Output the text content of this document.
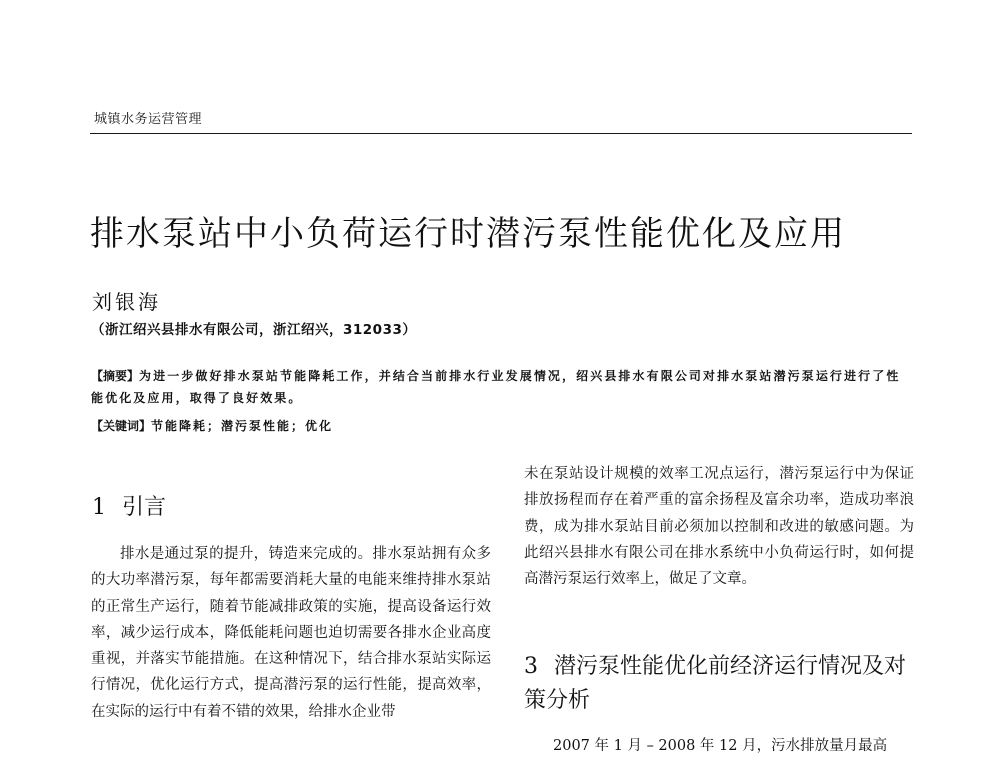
城镇水务运营管理
排水泵站中小负荷运行时潜污泵性能优化及应用
刘银海
（浙江绍兴县排水有限公司，浙江绍兴，312033）
【摘要】为进一步做好排水泵站节能降耗工作，并结合当前排水行业发展情况，绍兴县排水有限公司对排水泵站潜污泵运行进行了性能优化及应用，取得了良好效果。
【关键词】节能降耗；潜污泵性能；优化
1 引言

排水是通过泵的提升，铸造来完成的。排水泵站拥有众多的大功率潜污泵，每年都需要消耗大量的电能来维持排水泵站的正常生产运行，随着节能减排政策的实施，提高设备运行效率，减少运行成本，降低能耗问题也迫切需要各排水企业高度重视，并落实节能措施。在这种情况下，结合排水泵站实际运行情况，优化运行方式，提高潜污泵的运行性能，提高效率，在实际的运行中有着不错的效果，给排水企业带

未在泵站设计规模的效率工况点运行，潜污泵运行中为保证排放扬程而存在着严重的富余扬程及富余功率，造成功率浪费，成为排水泵站目前必须加以控制和改进的敏感问题。为此绍兴县排水有限公司在排水系统中小负荷运行时，如何提高潜污泵运行效率上，做足了文章。

3 潜污泵性能优化前经济运行情况及对策分析

2007 年 1 月 – 2008 年 12 月，污水排放量月最高
